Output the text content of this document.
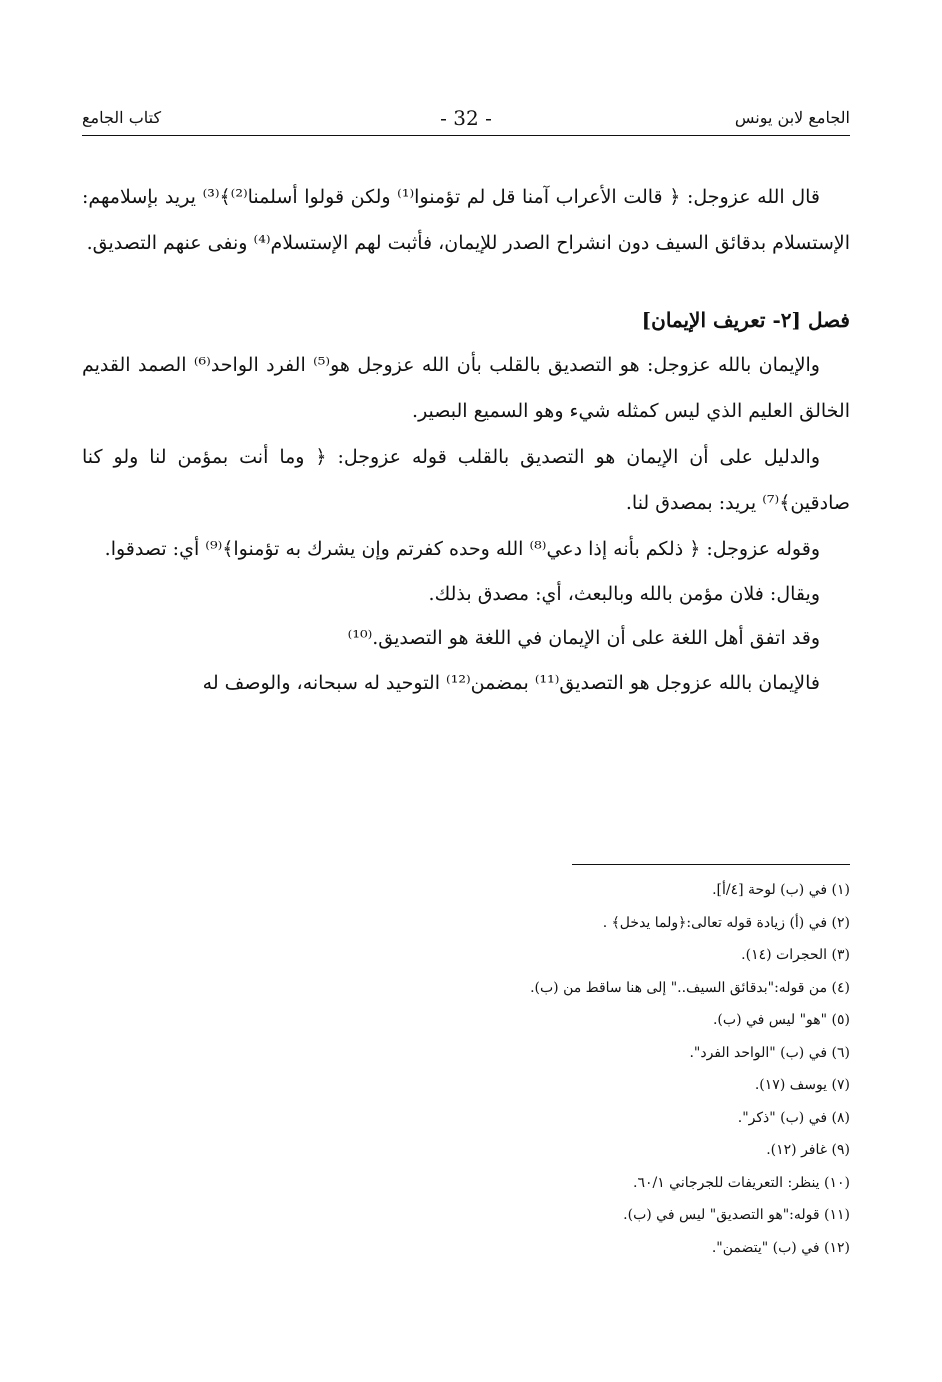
الجامع لابن يونس
- 32 -
كتاب الجامع

قال الله عزوجل: ﴿ قالت الأعراب آمنا قل لم تؤمنوا⁽¹⁾ ولكن قولوا أسلمنا⁽²⁾﴾⁽³⁾ يريد بإسلامهم: الإستسلام بدقائق السيف دون انشراح الصدر للإيمان، فأثبت لهم الإستسلام⁽⁴⁾ ونفى عنهم التصديق.

فصل [٢- تعريف الإيمان]

والإيمان بالله عزوجل: هو التصديق بالقلب بأن الله عزوجل هو⁽⁵⁾ الفرد الواحد⁽⁶⁾ الصمد القديم الخالق العليم الذي ليس كمثله شيء وهو السميع البصير.

والدليل على أن الإيمان هو التصديق بالقلب قوله عزوجل: ﴿ وما أنت بمؤمن لنا ولو كنا صادقين﴾⁽⁷⁾ يريد: بمصدق لنا.

وقوله عزوجل: ﴿ ذلكم بأنه إذا دعي⁽⁸⁾ الله وحده كفرتم وإن يشرك به تؤمنوا﴾⁽⁹⁾ أي: تصدقوا.

ويقال: فلان مؤمن بالله وبالبعث، أي: مصدق بذلك.

وقد اتفق أهل اللغة على أن الإيمان في اللغة هو التصديق.⁽¹⁰⁾

فالإيمان بالله عزوجل هو التصديق⁽¹¹⁾ بمضمن⁽¹²⁾ التوحيد له سبحانه، والوصف له

(١) في (ب) لوحة [٤/أ].
(٢) في (أ) زيادة قوله تعالى:﴿ولما يدخل﴾ .
(٣) الحجرات (١٤).
(٤) من قوله:"بدقائق السيف.." إلى هنا ساقط من (ب).
(٥) "هو" ليس في (ب).
(٦) في (ب) "الواحد الفرد".
(٧) يوسف (١٧).
(٨) في (ب) "ذكر".
(٩) غافر (١٢).
(١٠) ينظر: التعريفات للجرجاني ٦٠/١.
(١١) قوله:"هو التصديق" ليس في (ب).
(١٢) في (ب) "يتضمن".
